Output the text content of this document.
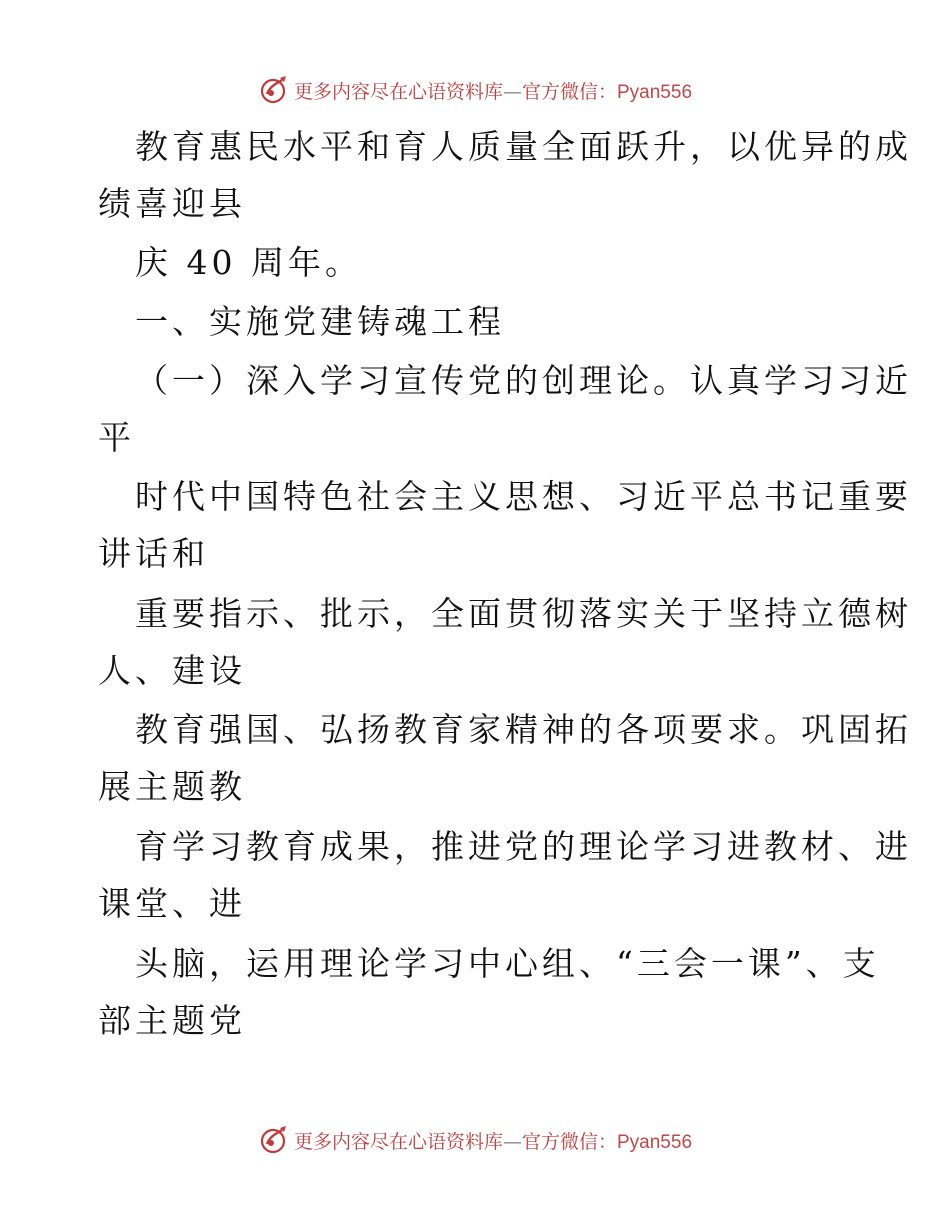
更多内容尽在心语资料库—官方微信：Pyan556
教育惠民水平和育人质量全面跃升，以优异的成
绩喜迎县
庆 40 周年。
一、实施党建铸魂工程
（一）深入学习宣传党的创理论。认真学习习近
平
时代中国特色社会主义思想、习近平总书记重要
讲话和
重要指示、批示，全面贯彻落实关于坚持立德树
人、建设
教育强国、弘扬教育家精神的各项要求。巩固拓
展主题教
育学习教育成果，推进党的理论学习进教材、进
课堂、进
头脑，运用理论学习中心组、“三会一课”、支
部主题党
更多内容尽在心语资料库—官方微信：Pyan556
